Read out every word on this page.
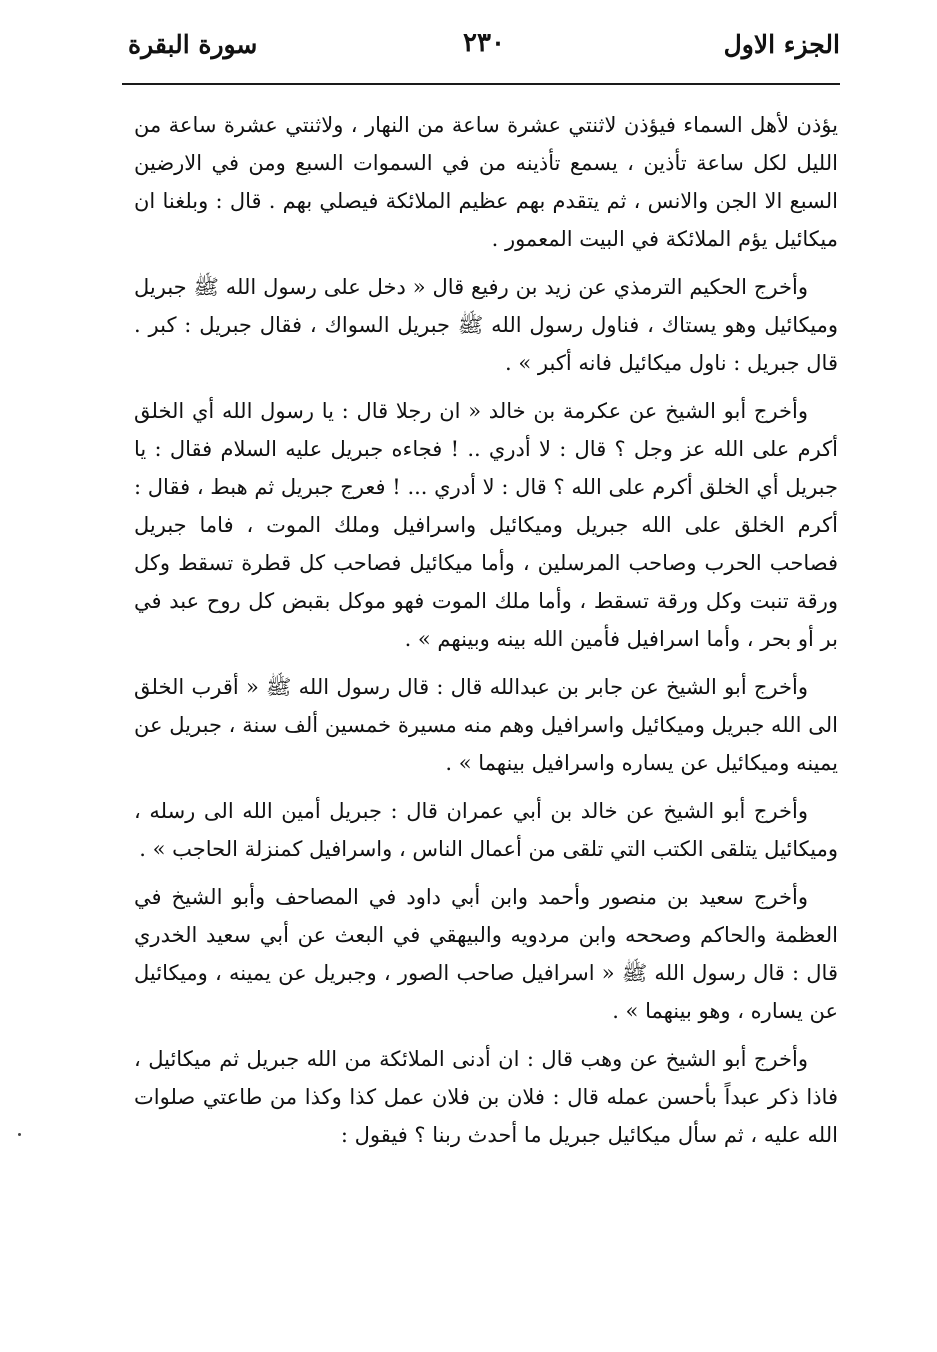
الجزء الاول
٢٣٠
سورة البقرة

يؤذن لأهل السماء فيؤذن لاثنتي عشرة ساعة من النهار ، ولاثنتي عشرة ساعة من الليل لكل ساعة تأذين ، يسمع تأذينه من في السموات السبع ومن في الارضين السبع الا الجن والانس ، ثم يتقدم بهم عظيم الملائكة فيصلي بهم . قال : وبلغنا ان ميكائيل يؤم الملائكة في البيت المعمور .

وأخرج الحكيم الترمذي عن زيد بن رفيع قال « دخل على رسول الله ﷺ جبريل وميكائيل وهو يستاك ، فناول رسول الله ﷺ جبريل السواك ، فقال جبريل : كبر . قال جبريل : ناول ميكائيل فانه أكبر » .

وأخرج أبو الشيخ عن عكرمة بن خالد « ان رجلا قال : يا رسول الله أي الخلق أكرم على الله عز وجل ؟ قال : لا أدري .. ! فجاءه جبريل عليه السلام فقال : يا جبريل أي الخلق أكرم على الله ؟ قال : لا أدري ... ! فعرج جبريل ثم هبط ، فقال : أكرم الخلق على الله جبريل وميكائيل واسرافيل وملك الموت ، فاما جبريل فصاحب الحرب وصاحب المرسلين ، وأما ميكائيل فصاحب كل قطرة تسقط وكل ورقة تنبت وكل ورقة تسقط ، وأما ملك الموت فهو موكل بقبض كل روح عبد في بر أو بحر ، وأما اسرافيل فأمين الله بينه وبينهم » .

وأخرج أبو الشيخ عن جابر بن عبدالله قال : قال رسول الله ﷺ « أقرب الخلق الى الله جبريل وميكائيل واسرافيل وهم منه مسيرة خمسين ألف سنة ، جبريل عن يمينه وميكائيل عن يساره واسرافيل بينهما » .

وأخرج أبو الشيخ عن خالد بن أبي عمران قال : جبريل أمين الله الى رسله ، وميكائيل يتلقى الكتب التي تلقى من أعمال الناس ، واسرافيل كمنزلة الحاجب » .

وأخرج سعيد بن منصور وأحمد وابن أبي داود في المصاحف وأبو الشيخ في العظمة والحاكم وصححه وابن مردويه والبيهقي في البعث عن أبي سعيد الخدري قال : قال رسول الله ﷺ « اسرافيل صاحب الصور ، وجبريل عن يمينه ، وميكائيل عن يساره ، وهو بينهما » .

وأخرج أبو الشيخ عن وهب قال : ان أدنى الملائكة من الله جبريل ثم ميكائيل ، فاذا ذكر عبداً بأحسن عمله قال : فلان بن فلان عمل كذا وكذا من طاعتي صلوات الله عليه ، ثم سأل ميكائيل جبريل ما أحدث ربنا ؟ فيقول :
